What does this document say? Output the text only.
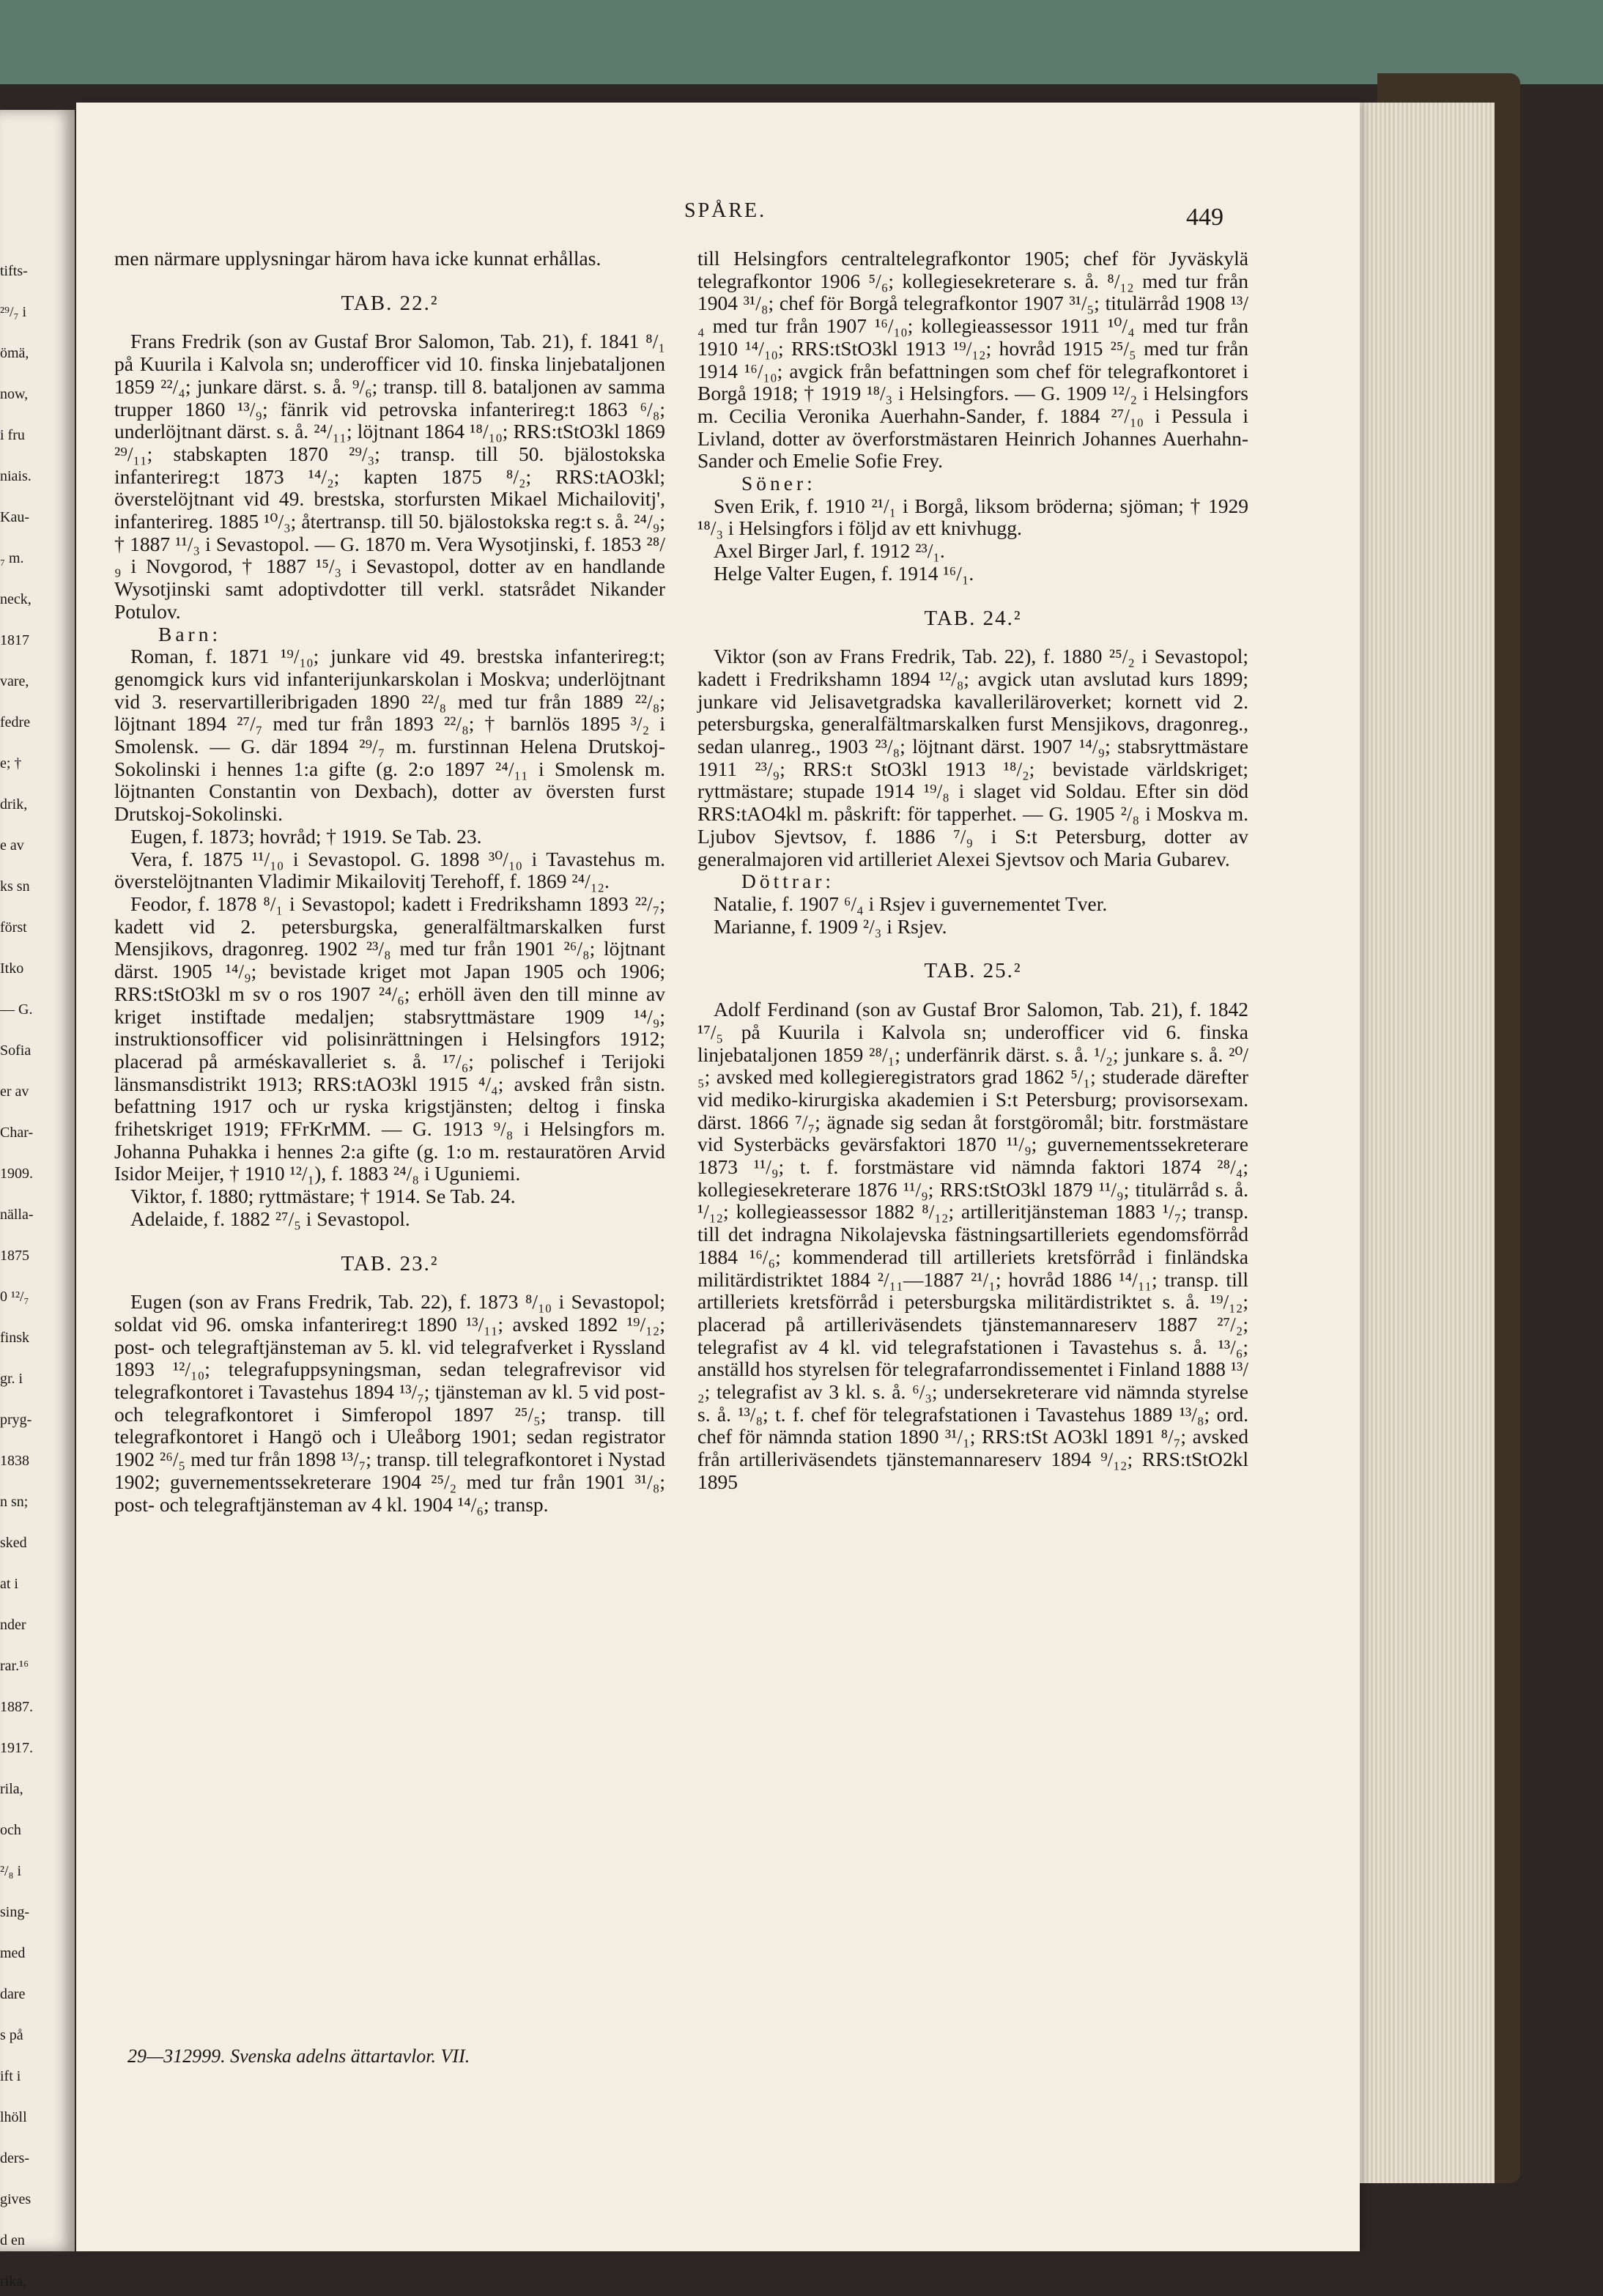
tifts-
²⁹/₇ i
ömä,
now,
i fru
niais.
Kau-
₇ m.
neck,
1817
vare,
fedre
e; †
drik,
e av
ks sn
först
Itko
— G.
Sofia
er av
Char-
1909.
nälla-
1875
0 ¹²/₇
finsk
gr. i
pryg-
1838
n sn;
sked
at i
nder
rar.¹⁶
1887.
1917.
rila,
och
²/₈ i
sing-
med
dare
s på
ift i
lhöll
ders-
gives
d en
rika,
SPÅRE.	449

men närmare upplysningar härom hava icke kunnat erhållas.

TAB. 22.²

Frans Fredrik (son av Gustaf Bror Salomon, Tab. 21), f. 1841 ⁸/₁ på Kuurila i Kalvola sn; underofficer vid 10. finska linjebataljonen 1859 ²²/₄; junkare därst. s. å. ⁹/₆; transp. till 8. bataljonen av samma trupper 1860 ¹³/₉; fänrik vid petrovska infanterireg:t 1863 ⁶/₈; underlöjtnant därst. s. å. ²⁴/₁₁; löjtnant 1864 ¹⁸/₁₀; RRS:tStO3kl 1869 ²⁹/₁₁; stabskapten 1870 ²⁹/₃; transp. till 50. bjälostokska infanterireg:t 1873 ¹⁴/₂; kapten 1875 ⁸/₂; RRS:tAO3kl; överstelöjtnant vid 49. brestska, storfursten Mikael Michailovitj', infanterireg. 1885 ¹⁰/₃; återtransp. till 50. bjälostokska reg:t s. å. ²⁴/₉; † 1887 ¹¹/₃ i Sevastopol. — G. 1870 m. Vera Wysotjinski, f. 1853 ²⁸/₉ i Novgorod, † 1887 ¹⁵/₃ i Sevastopol, dotter av en handlande Wysotjinski samt adoptivdotter till verkl. statsrådet Nikander Potulov.

Barn:

Roman, f. 1871 ¹⁹/₁₀; junkare vid 49. brestska infanterireg:t; genomgick kurs vid infanterijunkarskolan i Moskva; underlöjtnant vid 3. reservartilleribrigaden 1890 ²²/₈ med tur från 1889 ²²/₈; löjtnant 1894 ²⁷/₇ med tur från 1893 ²²/₈; † barnlös 1895 ³/₂ i Smolensk. — G. där 1894 ²⁹/₇ m. furstinnan Helena Drutskoj-Sokolinski i hennes 1:a gifte (g. 2:o 1897 ²⁴/₁₁ i Smolensk m. löjtnanten Constantin von Dexbach), dotter av översten furst Drutskoj-Sokolinski.

Eugen, f. 1873; hovråd; † 1919. Se Tab. 23.

Vera, f. 1875 ¹¹/₁₀ i Sevastopol. G. 1898 ³⁰/₁₀ i Tavastehus m. överstelöjtnanten Vladimir Mikailovitj Terehoff, f. 1869 ²⁴/₁₂.

Feodor, f. 1878 ⁸/₁ i Sevastopol; kadett i Fredrikshamn 1893 ²²/₇; kadett vid 2. petersburgska, generalfältmarskalken furst Mensjikovs, dragonreg. 1902 ²³/₈ med tur från 1901 ²⁶/₈; löjtnant därst. 1905 ¹⁴/₉; bevistade kriget mot Japan 1905 och 1906; RRS:tStO3kl m sv o ros 1907 ²⁴/₆; erhöll även den till minne av kriget instiftade medaljen; stabsryttmästare 1909 ¹⁴/₉; instruktionsofficer vid polisinrättningen i Helsingfors 1912; placerad på arméskavalleriet s. å. ¹⁷/₆; polischef i Terijoki länsmansdistrikt 1913; RRS:tAO3kl 1915 ⁴/₄; avsked från sistn. befattning 1917 och ur ryska krigstjänsten; deltog i finska frihetskriget 1919; FFrKrMM. — G. 1913 ⁹/₈ i Helsingfors m. Johanna Puhakka i hennes 2:a gifte (g. 1:o m. restauratören Arvid Isidor Meijer, † 1910 ¹²/₁), f. 1883 ²⁴/₈ i Uguniemi.

Viktor, f. 1880; ryttmästare; † 1914. Se Tab. 24.

Adelaide, f. 1882 ²⁷/₅ i Sevastopol.

TAB. 23.²

Eugen (son av Frans Fredrik, Tab. 22), f. 1873 ⁸/₁₀ i Sevastopol; soldat vid 96. omska infanterireg:t 1890 ¹³/₁₁; avsked 1892 ¹⁹/₁₂; post- och telegraftjänsteman av 5. kl. vid telegrafverket i Ryssland 1893 ¹²/₁₀; telegrafuppsyningsman, sedan telegrafrevisor vid telegrafkontoret i Tavastehus 1894 ¹³/₇; tjänsteman av kl. 5 vid post- och telegrafkontoret i Simferopol 1897 ²⁵/₅; transp. till telegrafkontoret i Hangö och i Uleåborg 1901; sedan registrator 1902 ²⁶/₅ med tur från 1898 ¹³/₇; transp. till telegrafkontoret i Nystad 1902; guvernementssekreterare 1904 ²⁵/₂ med tur från 1901 ³¹/₈; post- och telegraftjänsteman av 4 kl. 1904 ¹⁴/₆; transp.

till Helsingfors centraltelegrafkontor 1905; chef för Jyväskylä telegrafkontor 1906 ⁵/₆; kollegiesekreterare s. å. ⁸/₁₂ med tur från 1904 ³¹/₈; chef för Borgå telegrafkontor 1907 ³¹/₅; titulärråd 1908 ¹³/₄ med tur från 1907 ¹⁶/₁₀; kollegieassessor 1911 ¹⁰/₄ med tur från 1910 ¹⁴/₁₀; RRS:tStO3kl 1913 ¹⁹/₁₂; hovråd 1915 ²⁵/₅ med tur från 1914 ¹⁶/₁₀; avgick från befattningen som chef för telegrafkontoret i Borgå 1918; † 1919 ¹⁸/₃ i Helsingfors. — G. 1909 ¹²/₂ i Helsingfors m. Cecilia Veronika Auerhahn-Sander, f. 1884 ²⁷/₁₀ i Pessula i Livland, dotter av överforstmästaren Heinrich Johannes Auerhahn-Sander och Emelie Sofie Frey.

Söner:

Sven Erik, f. 1910 ²¹/₁ i Borgå, liksom bröderna; sjöman; † 1929 ¹⁸/₃ i Helsingfors i följd av ett knivhugg.

Axel Birger Jarl, f. 1912 ²³/₁.

Helge Valter Eugen, f. 1914 ¹⁶/₁.

TAB. 24.²

Viktor (son av Frans Fredrik, Tab. 22), f. 1880 ²⁵/₂ i Sevastopol; kadett i Fredrikshamn 1894 ¹²/₈; avgick utan avslutad kurs 1899; junkare vid Jelisavetgradska kavalleriläroverket; kornett vid 2. petersburgska, generalfältmarskalken furst Mensjikovs, dragonreg., sedan ulanreg., 1903 ²³/₈; löjtnant därst. 1907 ¹⁴/₉; stabsryttmästare 1911 ²³/₉; RRS:t StO3kl 1913 ¹⁸/₂; bevistade världskriget; ryttmästare; stupade 1914 ¹⁹/₈ i slaget vid Soldau. Efter sin död RRS:tAO4kl m. påskrift: för tapperhet. — G. 1905 ²/₈ i Moskva m. Ljubov Sjevtsov, f. 1886 ⁷/₉ i S:t Petersburg, dotter av generalmajoren vid artilleriet Alexei Sjevtsov och Maria Gubarev.

Döttrar:

Natalie, f. 1907 ⁶/₄ i Rsjev i guvernementet Tver.

Marianne, f. 1909 ²/₃ i Rsjev.

TAB. 25.²

Adolf Ferdinand (son av Gustaf Bror Salomon, Tab. 21), f. 1842 ¹⁷/₅ på Kuurila i Kalvola sn; underofficer vid 6. finska linjebataljonen 1859 ²⁸/₁; underfänrik därst. s. å. ¹/₂; junkare s. å. ²⁰/₅; avsked med kollegieregistrators grad 1862 ⁵/₁; studerade därefter vid mediko-kirurgiska akademien i S:t Petersburg; provisorsexam. därst. 1866 ⁷/₇; ägnade sig sedan åt forstgöromål; bitr. forstmästare vid Systerbäcks gevärsfaktori 1870 ¹¹/₉; guvernementssekreterare 1873 ¹¹/₉; t. f. forstmästare vid nämnda faktori 1874 ²⁸/₄; kollegiesekreterare 1876 ¹¹/₉; RRS:tStO3kl 1879 ¹¹/₉; titulärråd s. å. ¹/₁₂; kollegieassessor 1882 ⁸/₁₂; artilleritjänsteman 1883 ¹/₇; transp. till det indragna Nikolajevska fästningsartilleriets egendomsförråd 1884 ¹⁶/₆; kommenderad till artilleriets kretsförråd i finländska militärdistriktet 1884 ²/₁₁—1887 ²¹/₁; hovråd 1886 ¹⁴/₁₁; transp. till artilleriets kretsförråd i petersburgska militärdistriktet s. å. ¹⁹/₁₂; placerad på artilleriväsendets tjänstemannareserv 1887 ²⁷/₂; telegrafist av 4 kl. vid telegrafstationen i Tavastehus s. å. ¹³/₆; anställd hos styrelsen för telegrafarrondissementet i Finland 1888 ¹³/₂; telegrafist av 3 kl. s. å. ⁶/₃; undersekreterare vid nämnda styrelse s. å. ¹³/₈; t. f. chef för telegrafstationen i Tavastehus 1889 ¹³/₈; ord. chef för nämnda station 1890 ³¹/₁; RRS:tSt AO3kl 1891 ⁸/₇; avsked från artilleriväsendets tjänstemannareserv 1894 ⁹/₁₂; RRS:tStO2kl 1895

29—312999. Svenska adelns ättartavlor. VII.
